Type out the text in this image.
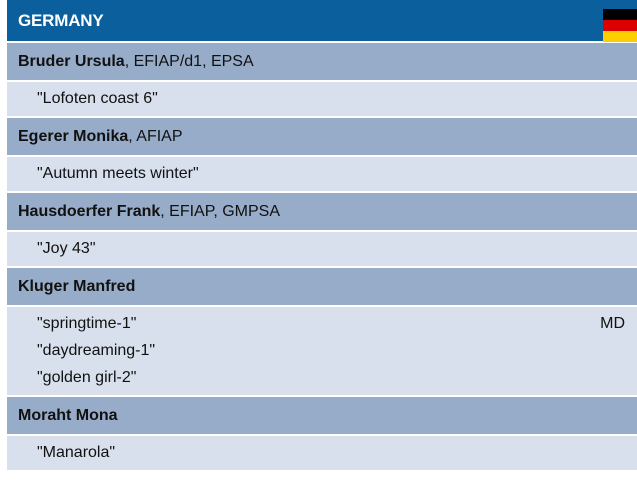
GERMANY
Bruder Ursula , EFIAP/d1, EPSA
"Lofoten coast 6"
Egerer Monika , AFIAP
"Autumn meets winter"
Hausdoerfer Frank , EFIAP, GMPSA
"Joy 43"
Kluger Manfred
"springtime-1"	MD
"daydreaming-1"
"golden girl-2"
Moraht Mona
"Manarola"
